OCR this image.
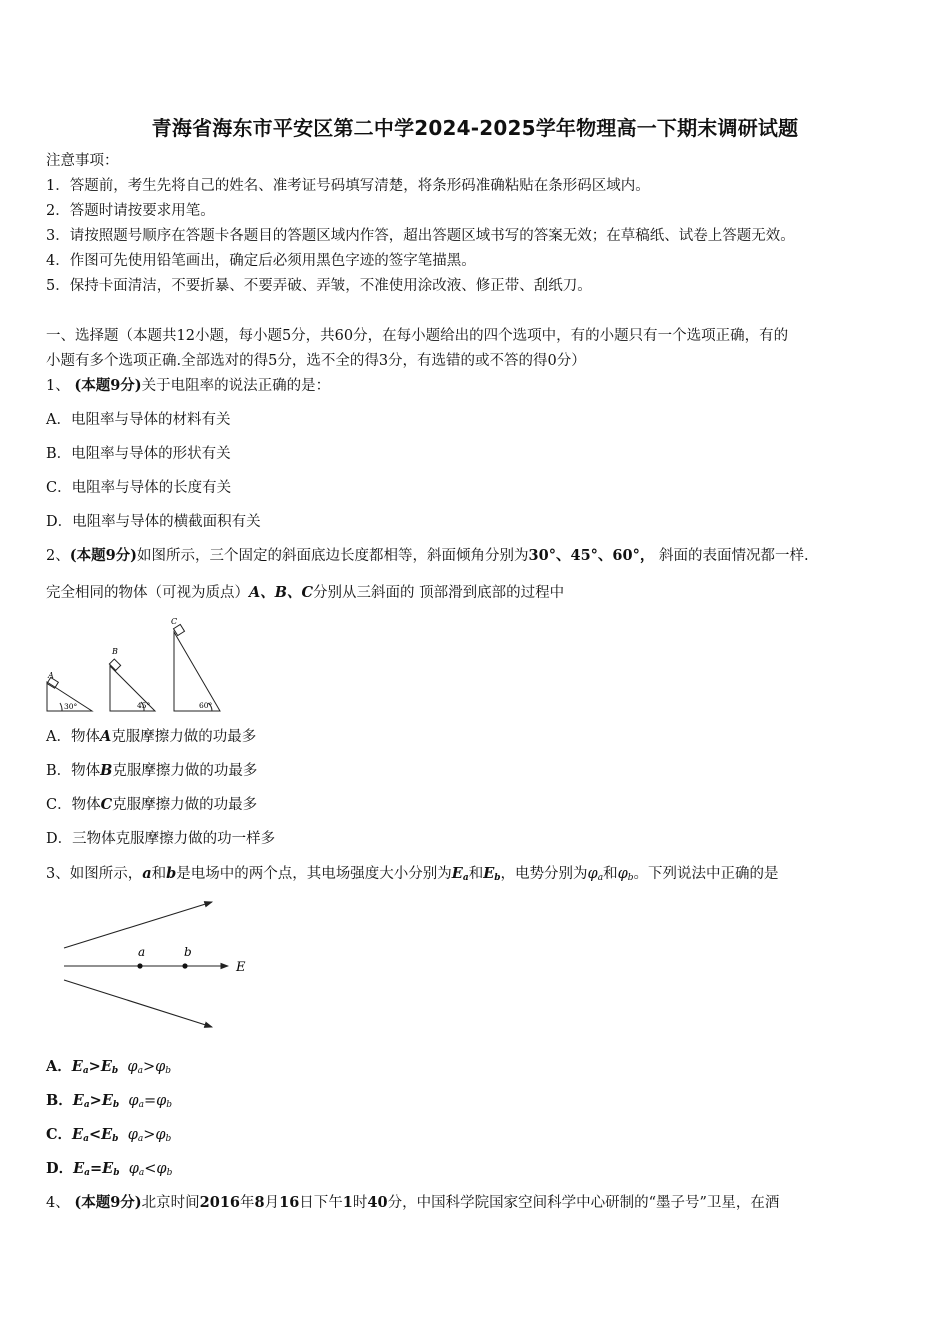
青海省海东市平安区第二中学2024-2025学年物理高一下期末调研试题
注意事项：
1．答题前，考生先将自己的姓名、准考证号码填写清楚，将条形码准确粘贴在条形码区域内。
2．答题时请按要求用笔。
3．请按照题号顺序在答题卡各题目的答题区域内作答，超出答题区域书写的答案无效；在草稿纸、试卷上答题无效。
4．作图可先使用铅笔画出，确定后必须用黑色字迹的签字笔描黑。
5．保持卡面清洁，不要折暴、不要弄破、弄皱，不准使用涂改液、修正带、刮纸刀。
一、选择题（本题共12小题，每小题5分，共60分，在每小题给出的四个选项中，有的小题只有一个选项正确，有的
小题有多个选项正确.全部选对的得5分，选不全的得3分，有选错的或不答的得0分）
1、 (本题9分)关于电阻率的说法正确的是：
A．电阻率与导体的材料有关
B．电阻率与导体的形状有关
C．电阻率与导体的长度有关
D．电阻率与导体的横截面积有关
2、(本题9分)如图所示，三个固定的斜面底边长度都相等，斜面倾角分别为30°、45°、60°， 斜面的表面情况都一样.
完全相同的物体（可视为质点）A、B、C分别从三斜面的 顶部滑到底部的过程中
A
B
C
30°	45°	60°
A．物体A克服摩擦力做的功最多
B．物体B克服摩擦力做的功最多
C．物体C克服摩擦力做的功最多
D．三物体克服摩擦力做的功一样多
3、如图所示，a和b是电场中的两个点，其电场强度大小分别为$E_a$和$E_b$，电势分别为$\varphi_a$和$\varphi_b$。下列说法中正确的是
a	b
E
A．$E_a>E_b$ $\varphi_a>\varphi_b$
B．$E_a>E_b$ $\varphi_a=\varphi_b$
C．$E_a<E_b$ $\varphi_a>\varphi_b$
D．$E_a=E_b$ $\varphi_a<\varphi_b$
4、 (本题9分)北京时间2016年8月16日下午1时40分，中国科学院国家空间科学中心研制的“墨子号”卫星，在酒
